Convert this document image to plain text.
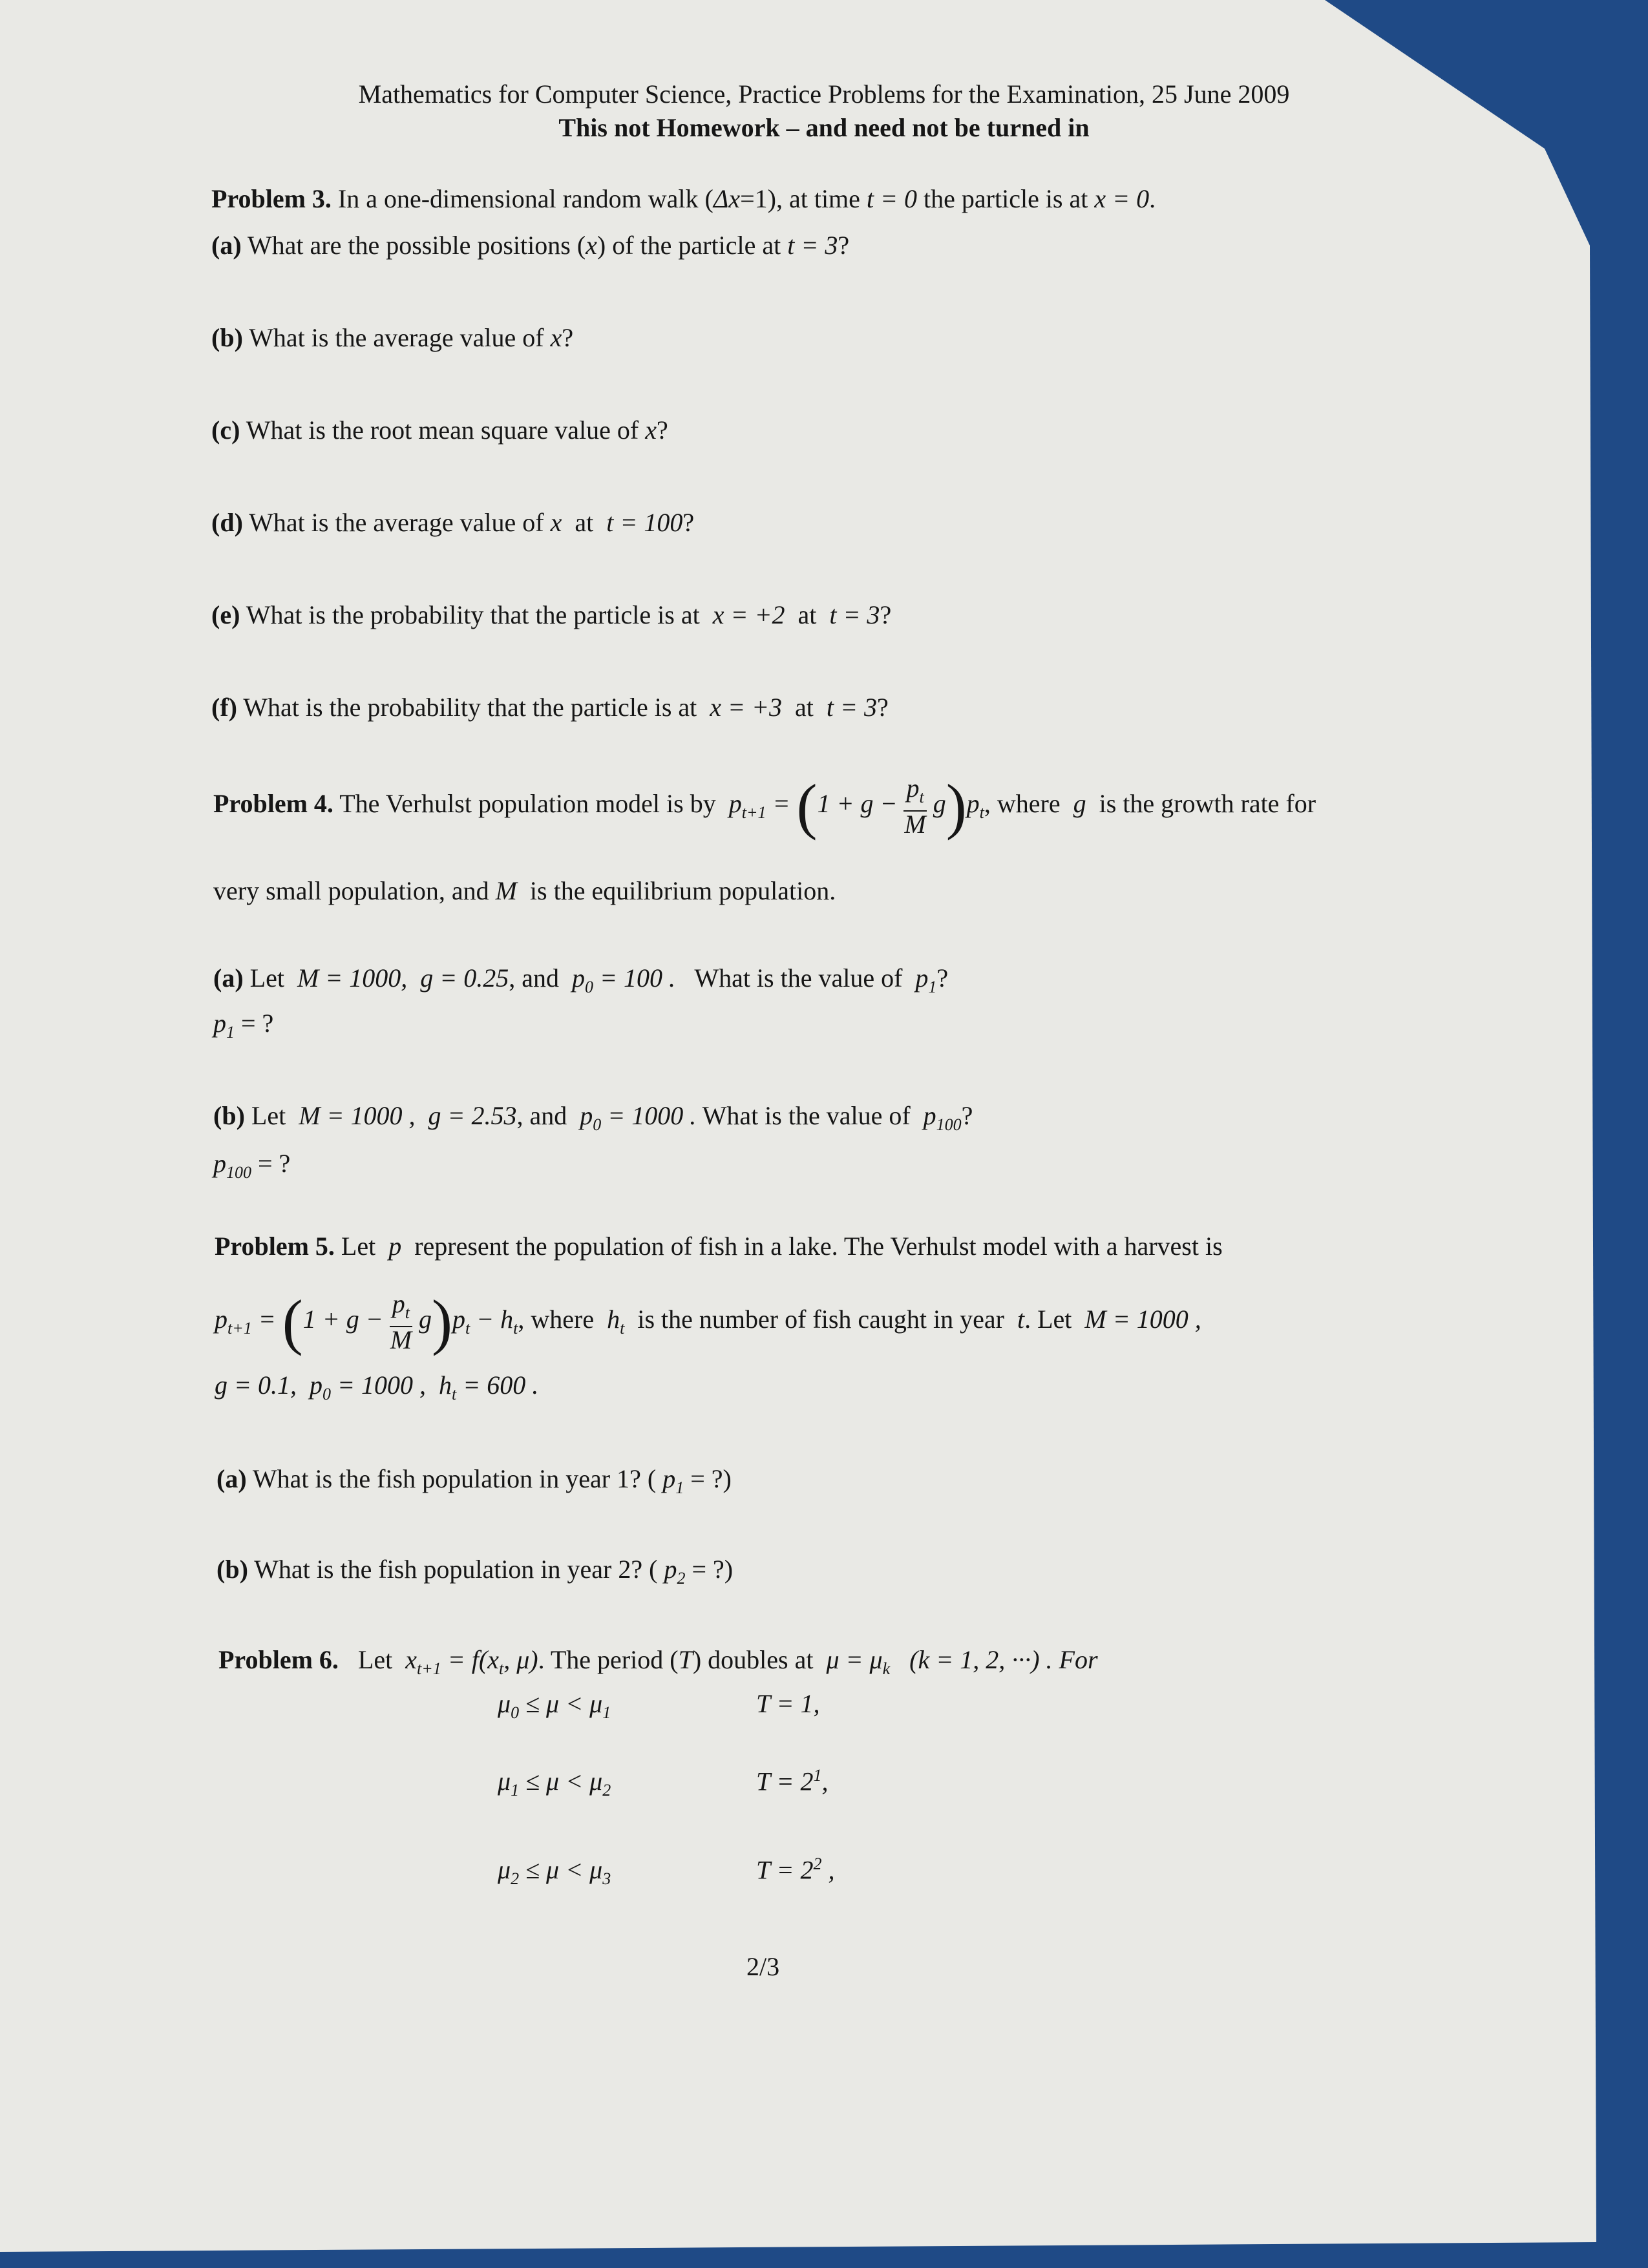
Mathematics for Computer Science, Practice Problems for the Examination, 25 June 2009
This not Homework – and need not be turned in
Problem 3. In a one-dimensional random walk (Δx=1), at time t = 0 the particle is at x = 0.
(a) What are the possible positions (x) of the particle at t = 3?
(b) What is the average value of x?
(c) What is the root mean square value of x?
(d) What is the average value of x at t = 100?
(e) What is the probability that the particle is at x = +2 at t = 3?
(f) What is the probability that the particle is at x = +3 at t = 3?
Problem 4. The Verhulst population model is by $p_{t+1} = (1 + g - \frac{p_t}{M} g)p_t$, where g is the growth rate for
very small population, and M is the equilibrium population.
(a) Let M = 1000, g = 0.25, and $p_0 = 100$ . What is the value of $p_1$?
$p_1$ = ?
(b) Let M = 1000 , g = 2.53, and $p_0 = 1000$ . What is the value of $p_{100}$?
$p_{100}$ = ?
Problem 5. Let p represent the population of fish in a lake. The Verhulst model with a harvest is
$p_{t+1} = (1 + g - \frac{p_t}{M} g)p_t - h_t$, where $h_t$ is the number of fish caught in year t. Let M = 1000 ,
g = 0.1, $p_0 = 1000$ , $h_t = 600$ .
(a) What is the fish population in year 1? ( $p_1$ = ?)
(b) What is the fish population in year 2? ( $p_2$ = ?)
Problem 6. Let $x_{t+1} = f(x_t$, μ). The period (T) doubles at $\mu = \mu_k$ (k = 1, 2, ···) . For
$\mu_0 \le \mu < \mu_1$	T = 1,
$\mu_1 \le \mu < \mu_2$	$T = 2^1$,
$\mu_2 \le \mu < \mu_3$	$T = 2^2$ ,
2/3
